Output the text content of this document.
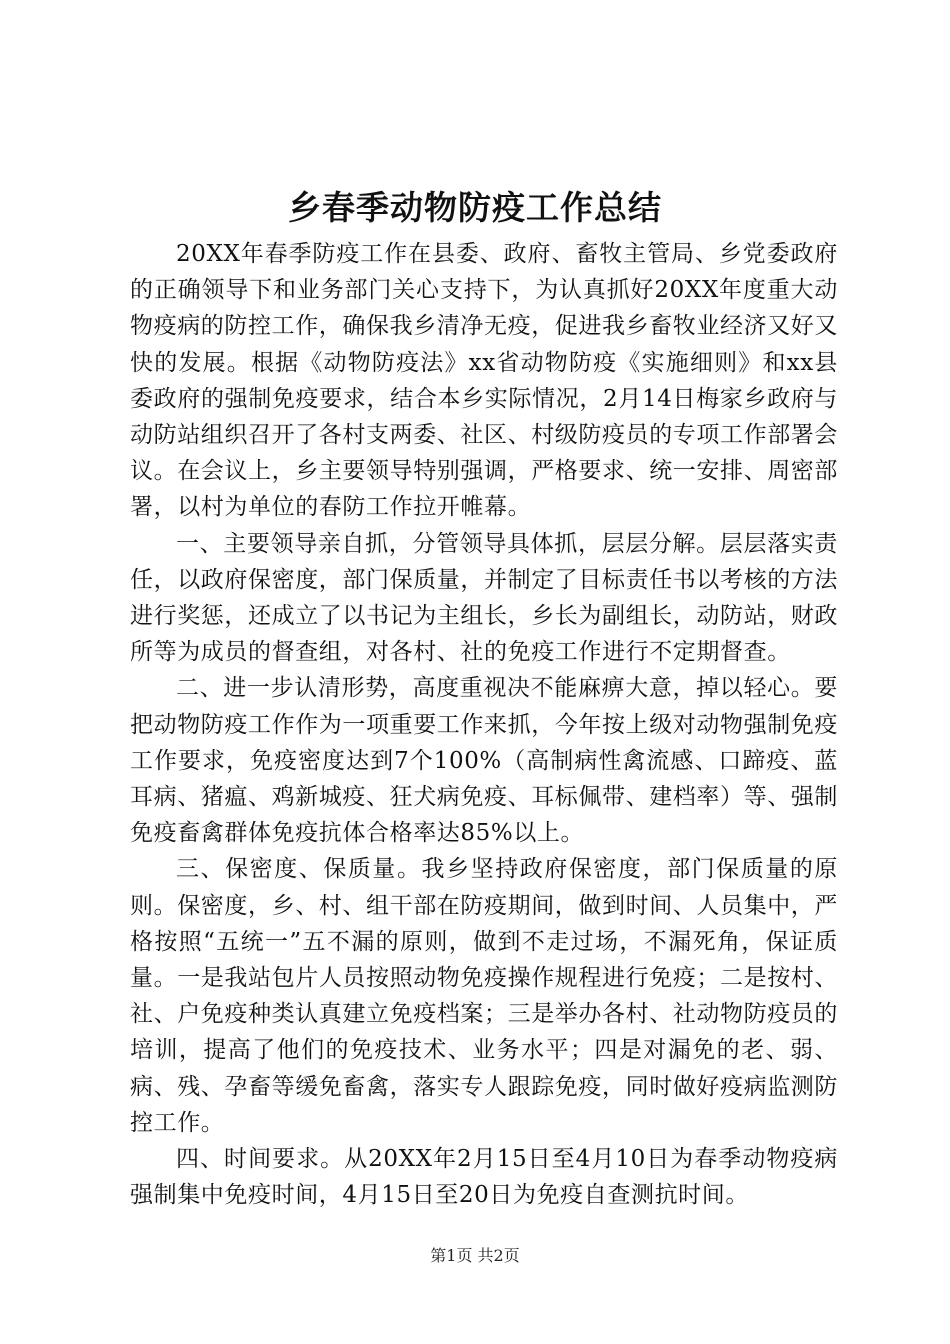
乡春季动物防疫工作总结

20XX年春季防疫工作在县委、政府、畜牧主管局、乡党委政府的正确领导下和业务部门关心支持下，为认真抓好20XX年度重大动物疫病的防控工作，确保我乡清净无疫，促进我乡畜牧业经济又好又快的发展。根据《动物防疫法》xx省动物防疫《实施细则》和xx县委政府的强制免疫要求，结合本乡实际情况，2月14日梅家乡政府与动防站组织召开了各村支两委、社区、村级防疫员的专项工作部署会议。在会议上，乡主要领导特别强调，严格要求、统一安排、周密部署，以村为单位的春防工作拉开帷幕。

一、主要领导亲自抓，分管领导具体抓，层层分解。层层落实责任，以政府保密度，部门保质量，并制定了目标责任书以考核的方法进行奖惩，还成立了以书记为主组长，乡长为副组长，动防站，财政所等为成员的督查组，对各村、社的免疫工作进行不定期督查。

二、进一步认清形势，高度重视决不能麻痹大意，掉以轻心。要把动物防疫工作作为一项重要工作来抓，今年按上级对动物强制免疫工作要求，免疫密度达到7个100%（高制病性禽流感、口蹄疫、蓝耳病、猪瘟、鸡新城疫、狂犬病免疫、耳标佩带、建档率）等、强制免疫畜禽群体免疫抗体合格率达85%以上。

三、保密度、保质量。我乡坚持政府保密度，部门保质量的原则。保密度，乡、村、组干部在防疫期间，做到时间、人员集中，严格按照“五统一”五不漏的原则，做到不走过场，不漏死角，保证质量。一是我站包片人员按照动物免疫操作规程进行免疫；二是按村、社、户免疫种类认真建立免疫档案；三是举办各村、社动物防疫员的培训，提高了他们的免疫技术、业务水平；四是对漏免的老、弱、病、残、孕畜等缓免畜禽，落实专人跟踪免疫，同时做好疫病监测防控工作。

四、时间要求。从20XX年2月15日至4月10日为春季动物疫病强制集中免疫时间，4月15日至20日为免疫自查测抗时间。

第1页 共2页
